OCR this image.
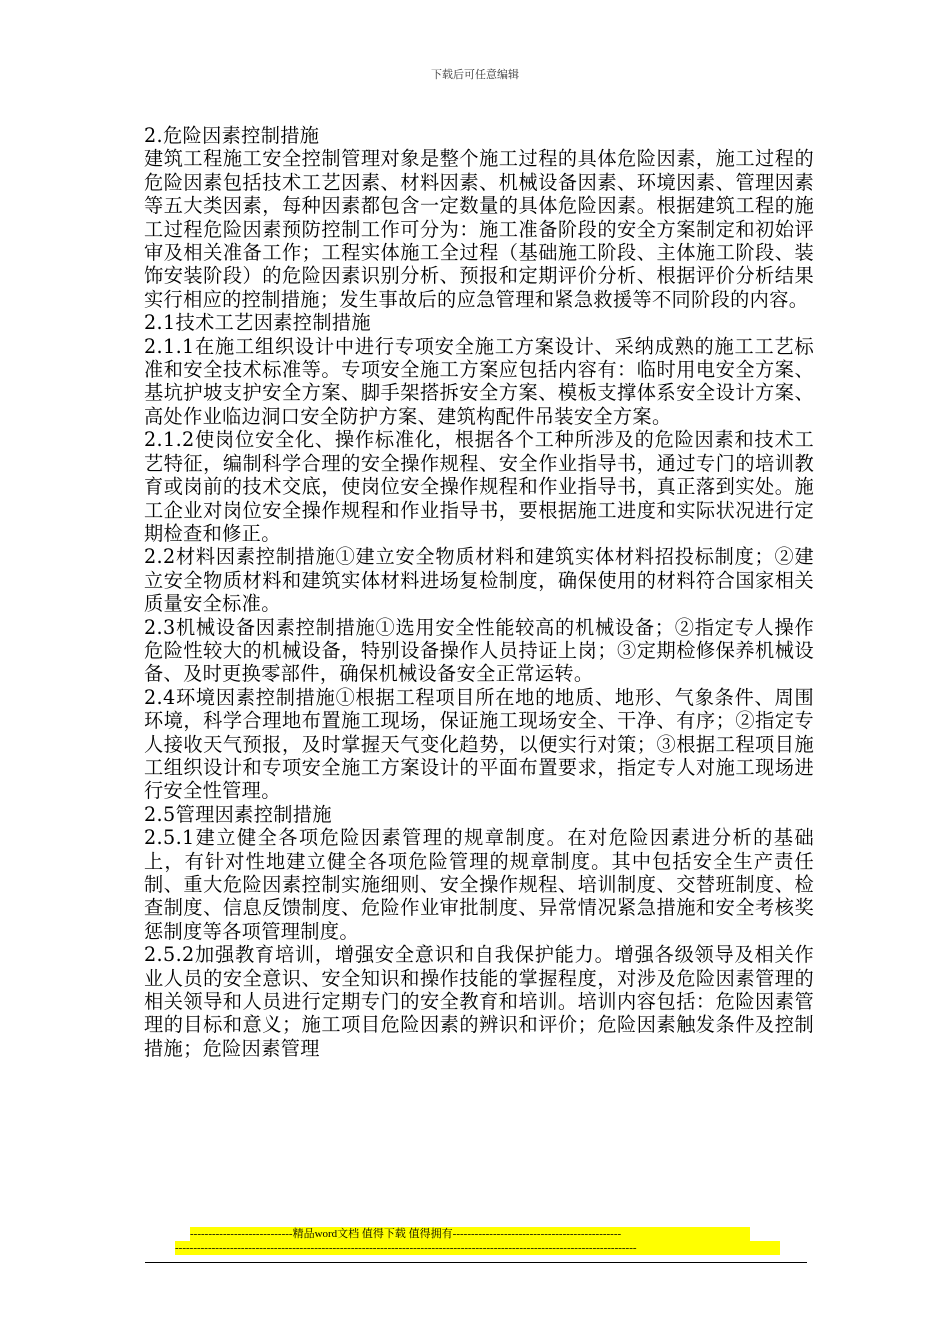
下载后可任意编辑

2.危险因素控制措施

建筑工程施工安全控制管理对象是整个施工过程的具体危险因素，施工过程的危险因素包括技术工艺因素、材料因素、机械设备因素、环境因素、管理因素等五大类因素，每种因素都包含一定数量的具体危险因素。根据建筑工程的施工过程危险因素预防控制工作可分为：施工准备阶段的安全方案制定和初始评审及相关准备工作；工程实体施工全过程（基础施工阶段、主体施工阶段、装饰安装阶段）的危险因素识别分析、预报和定期评价分析、根据评价分析结果实行相应的控制措施；发生事故后的应急管理和紧急救援等不同阶段的内容。

2.1技术工艺因素控制措施

2.1.1在施工组织设计中进行专项安全施工方案设计、采纳成熟的施工工艺标准和安全技术标准等。专项安全施工方案应包括内容有：临时用电安全方案、基坑护坡支护安全方案、脚手架搭拆安全方案、模板支撑体系安全设计方案、高处作业临边洞口安全防护方案、建筑构配件吊装安全方案。

2.1.2使岗位安全化、操作标准化，根据各个工种所涉及的危险因素和技术工艺特征，编制科学合理的安全操作规程、安全作业指导书，通过专门的培训教育或岗前的技术交底，使岗位安全操作规程和作业指导书，真正落到实处。施工企业对岗位安全操作规程和作业指导书，要根据施工进度和实际状况进行定期检查和修正。

2.2材料因素控制措施①建立安全物质材料和建筑实体材料招投标制度；②建立安全物质材料和建筑实体材料进场复检制度，确保使用的材料符合国家相关质量安全标准。

2.3机械设备因素控制措施①选用安全性能较高的机械设备；②指定专人操作危险性较大的机械设备，特别设备操作人员持证上岗；③定期检修保养机械设备、及时更换零部件，确保机械设备安全正常运转。

2.4环境因素控制措施①根据工程项目所在地的地质、地形、气象条件、周围环境，科学合理地布置施工现场，保证施工现场安全、干净、有序；②指定专人接收天气预报，及时掌握天气变化趋势，以便实行对策；③根据工程项目施工组织设计和专项安全施工方案设计的平面布置要求，指定专人对施工现场进行安全性管理。

2.5管理因素控制措施

2.5.1建立健全各项危险因素管理的规章制度。在对危险因素进分析的基础上，有针对性地建立健全各项危险管理的规章制度。其中包括安全生产责任制、重大危险因素控制实施细则、安全操作规程、培训制度、交替班制度、检查制度、信息反馈制度、危险作业审批制度、异常情况紧急措施和安全考核奖惩制度等各项管理制度。

2.5.2加强教育培训，增强安全意识和自我保护能力。增强各级领导及相关作业人员的安全意识、安全知识和操作技能的掌握程度，对涉及危险因素管理的相关领导和人员进行定期专门的安全教育和培训。培训内容包括：危险因素管理的目标和意义；施工项目危险因素的辨识和评价；危险因素触发条件及控制措施；危险因素管理

----------------------------精品word文档 值得下载 值得拥有----------------------------------------------
------------------------------------------------------------------------------------------------------------------------------
